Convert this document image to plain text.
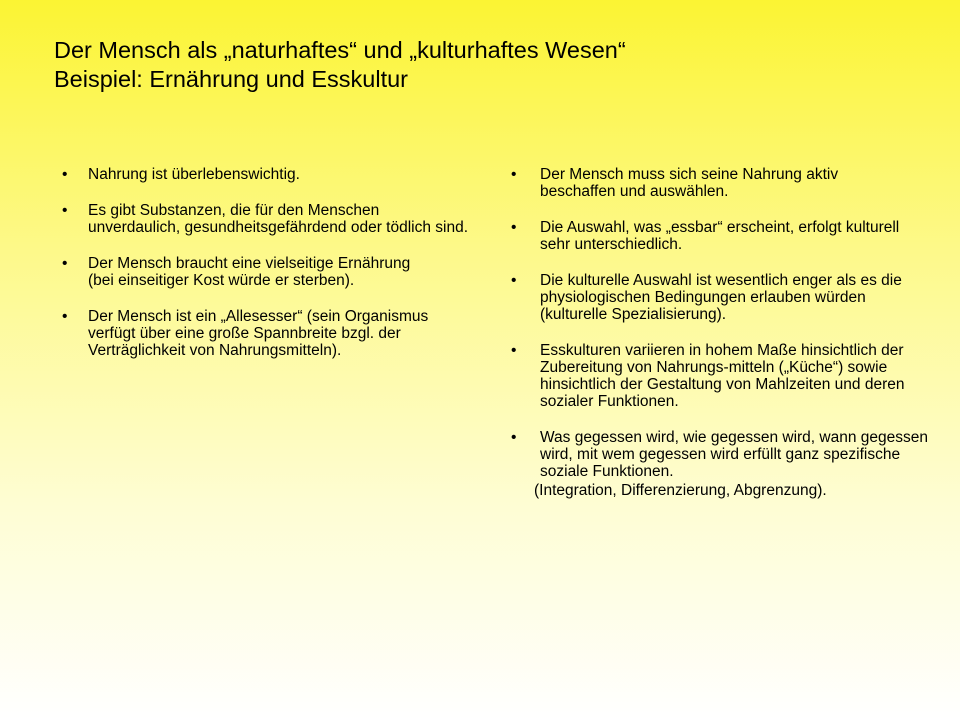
Der Mensch als „naturhaftes“ und „kulturhaftes Wesen“
Beispiel: Ernährung und Esskultur
• Nahrung ist überlebenswichtig.
• Es gibt Substanzen, die für den Menschen unverdaulich, gesundheitsgefährdend oder tödlich sind.
• Der Mensch braucht eine vielseitige Ernährung (bei einseitiger Kost würde er sterben).
• Der Mensch ist ein „Allesesser“ (sein Organismus verfügt über eine große Spannbreite bzgl. der Verträglichkeit von Nahrungsmitteln).
• Der Mensch muss sich seine Nahrung aktiv beschaffen und auswählen.
• Die Auswahl, was „essbar“ erscheint, erfolgt kulturell sehr unterschiedlich.
• Die kulturelle Auswahl ist wesentlich enger als es die physiologischen Bedingungen erlauben würden (kulturelle Spezialisierung).
• Esskulturen variieren in hohem Maße hinsichtlich der Zubereitung von Nahrungs-mitteln („Küche“) sowie hinsichtlich der Gestaltung von Mahlzeiten und deren sozialer Funktionen.
• Was gegessen wird, wie gegessen wird, wann gegessen wird, mit wem gegessen wird erfüllt ganz spezifische soziale Funktionen.
(Integration, Differenzierung, Abgrenzung).
